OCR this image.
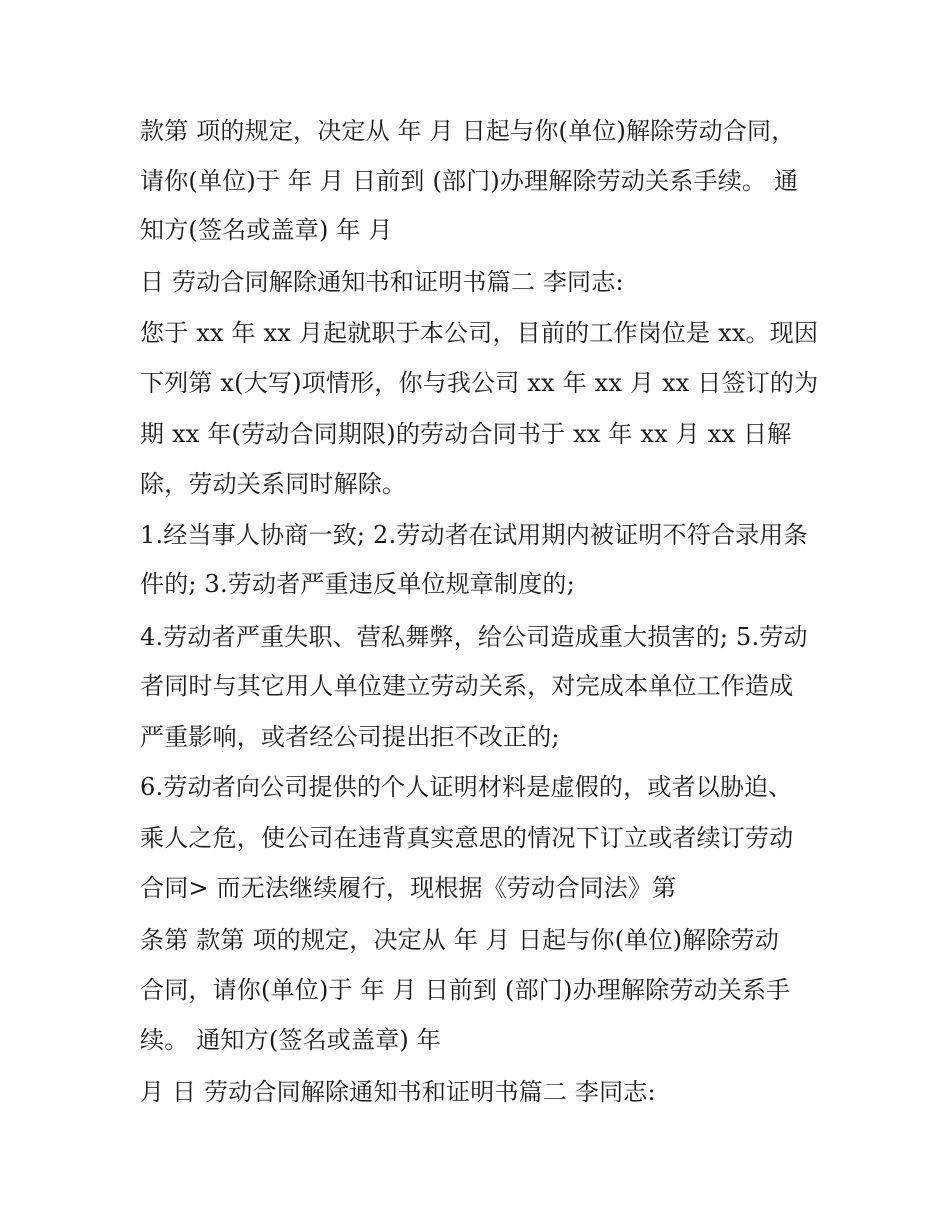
款第 项的规定，决定从 年 月 日起与你(单位)解除劳动合同，
请你(单位)于 年 月 日前到 (部门)办理解除劳动关系手续。 通
知方(签名或盖章) 年 月
日 劳动合同解除通知书和证明书篇二 李同志:
您于 xx 年 xx 月起就职于本公司，目前的工作岗位是 xx。现因
下列第 x(大写)项情形，你与我公司 xx 年 xx 月 xx 日签订的为
期 xx 年(劳动合同期限)的劳动合同书于 xx 年 xx 月 xx 日解
除，劳动关系同时解除。
1.经当事人协商一致; 2.劳动者在试用期内被证明不符合录用条
件的; 3.劳动者严重违反单位规章制度的;
4.劳动者严重失职、营私舞弊，给公司造成重大损害的; 5.劳动
者同时与其它用人单位建立劳动关系，对完成本单位工作造成
严重影响，或者经公司提出拒不改正的;
6.劳动者向公司提供的个人证明材料是虚假的，或者以胁迫、
乘人之危，使公司在违背真实意思的情况下订立或者续订劳动
合同> 而无法继续履行，现根据《劳动合同法》第
条第 款第 项的规定，决定从 年 月 日起与你(单位)解除劳动
合同，请你(单位)于 年 月 日前到 (部门)办理解除劳动关系手
续。 通知方(签名或盖章) 年
月 日 劳动合同解除通知书和证明书篇二 李同志:
